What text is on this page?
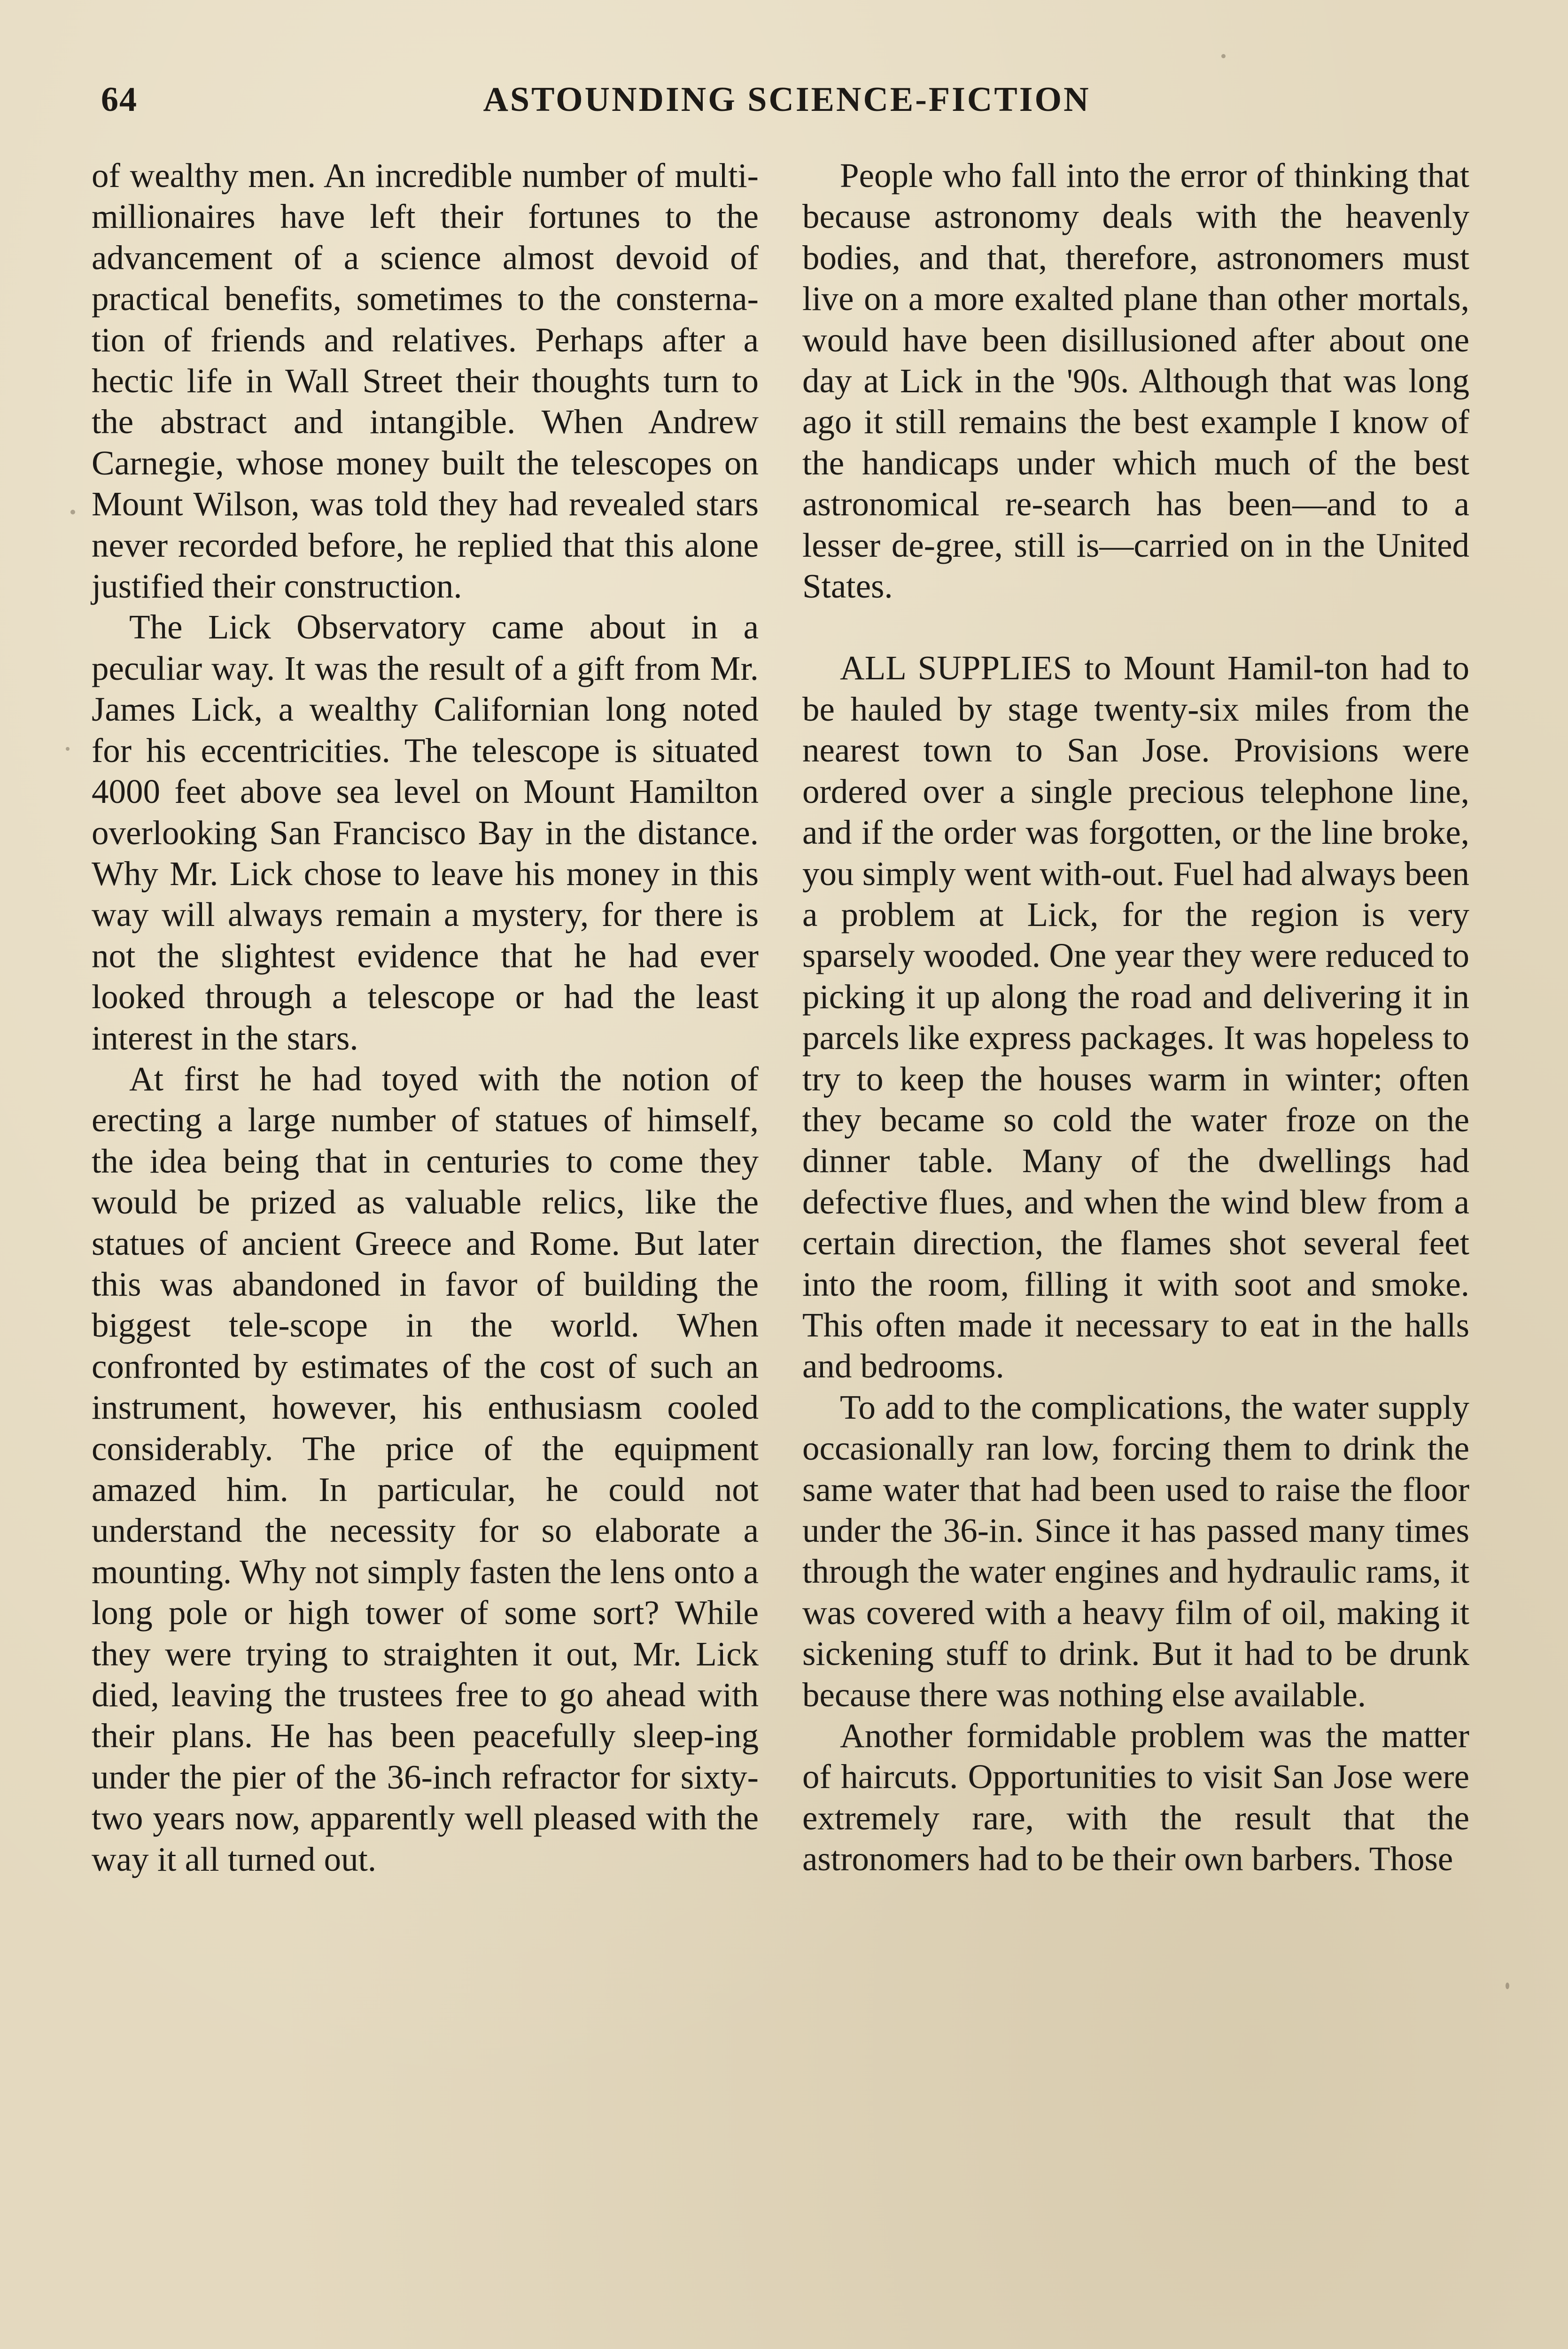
64	ASTOUNDING SCIENCE-FICTION

of wealthy men. An incredible number of multi-millionaires have left their fortunes to the advancement of a science almost devoid of practical benefits, sometimes to the consterna-tion of friends and relatives. Perhaps after a hectic life in Wall Street their thoughts turn to the abstract and intangible. When Andrew Carnegie, whose money built the telescopes on Mount Wilson, was told they had revealed stars never recorded before, he replied that this alone justified their construction.

The Lick Observatory came about in a peculiar way. It was the result of a gift from Mr. James Lick, a wealthy Californian long noted for his eccentricities. The telescope is situated 4000 feet above sea level on Mount Hamilton overlooking San Francisco Bay in the distance. Why Mr. Lick chose to leave his money in this way will always remain a mystery, for there is not the slightest evidence that he had ever looked through a telescope or had the least interest in the stars.

At first he had toyed with the notion of erecting a large number of statues of himself, the idea being that in centuries to come they would be prized as valuable relics, like the statues of ancient Greece and Rome. But later this was abandoned in favor of building the biggest tele-scope in the world. When confronted by estimates of the cost of such an instrument, however, his enthusiasm cooled considerably. The price of the equipment amazed him. In particular, he could not understand the necessity for so elaborate a mounting. Why not simply fasten the lens onto a long pole or high tower of some sort? While they were trying to straighten it out, Mr. Lick died, leaving the trustees free to go ahead with their plans. He has been peacefully sleep-ing under the pier of the 36-inch refractor for sixty-two years now, apparently well pleased with the way it all turned out.

People who fall into the error of thinking that because astronomy deals with the heavenly bodies, and that, therefore, astronomers must live on a more exalted plane than other mortals, would have been disillusioned after about one day at Lick in the '90s. Although that was long ago it still remains the best example I know of the handicaps under which much of the best astronomical re-search has been—and to a lesser de-gree, still is—carried on in the United States.

ALL SUPPLIES to Mount Hamil-ton had to be hauled by stage twenty-six miles from the nearest town to San Jose. Provisions were ordered over a single precious telephone line, and if the order was forgotten, or the line broke, you simply went with-out. Fuel had always been a problem at Lick, for the region is very sparsely wooded. One year they were reduced to picking it up along the road and delivering it in parcels like express packages. It was hopeless to try to keep the houses warm in winter; often they became so cold the water froze on the dinner table. Many of the dwellings had defective flues, and when the wind blew from a certain direction, the flames shot several feet into the room, filling it with soot and smoke. This often made it necessary to eat in the halls and bedrooms.

To add to the complications, the water supply occasionally ran low, forcing them to drink the same water that had been used to raise the floor under the 36-in. Since it has passed many times through the water engines and hydraulic rams, it was covered with a heavy film of oil, making it sickening stuff to drink. But it had to be drunk because there was nothing else available.

Another formidable problem was the matter of haircuts. Opportunities to visit San Jose were extremely rare, with the result that the astronomers had to be their own barbers. Those
